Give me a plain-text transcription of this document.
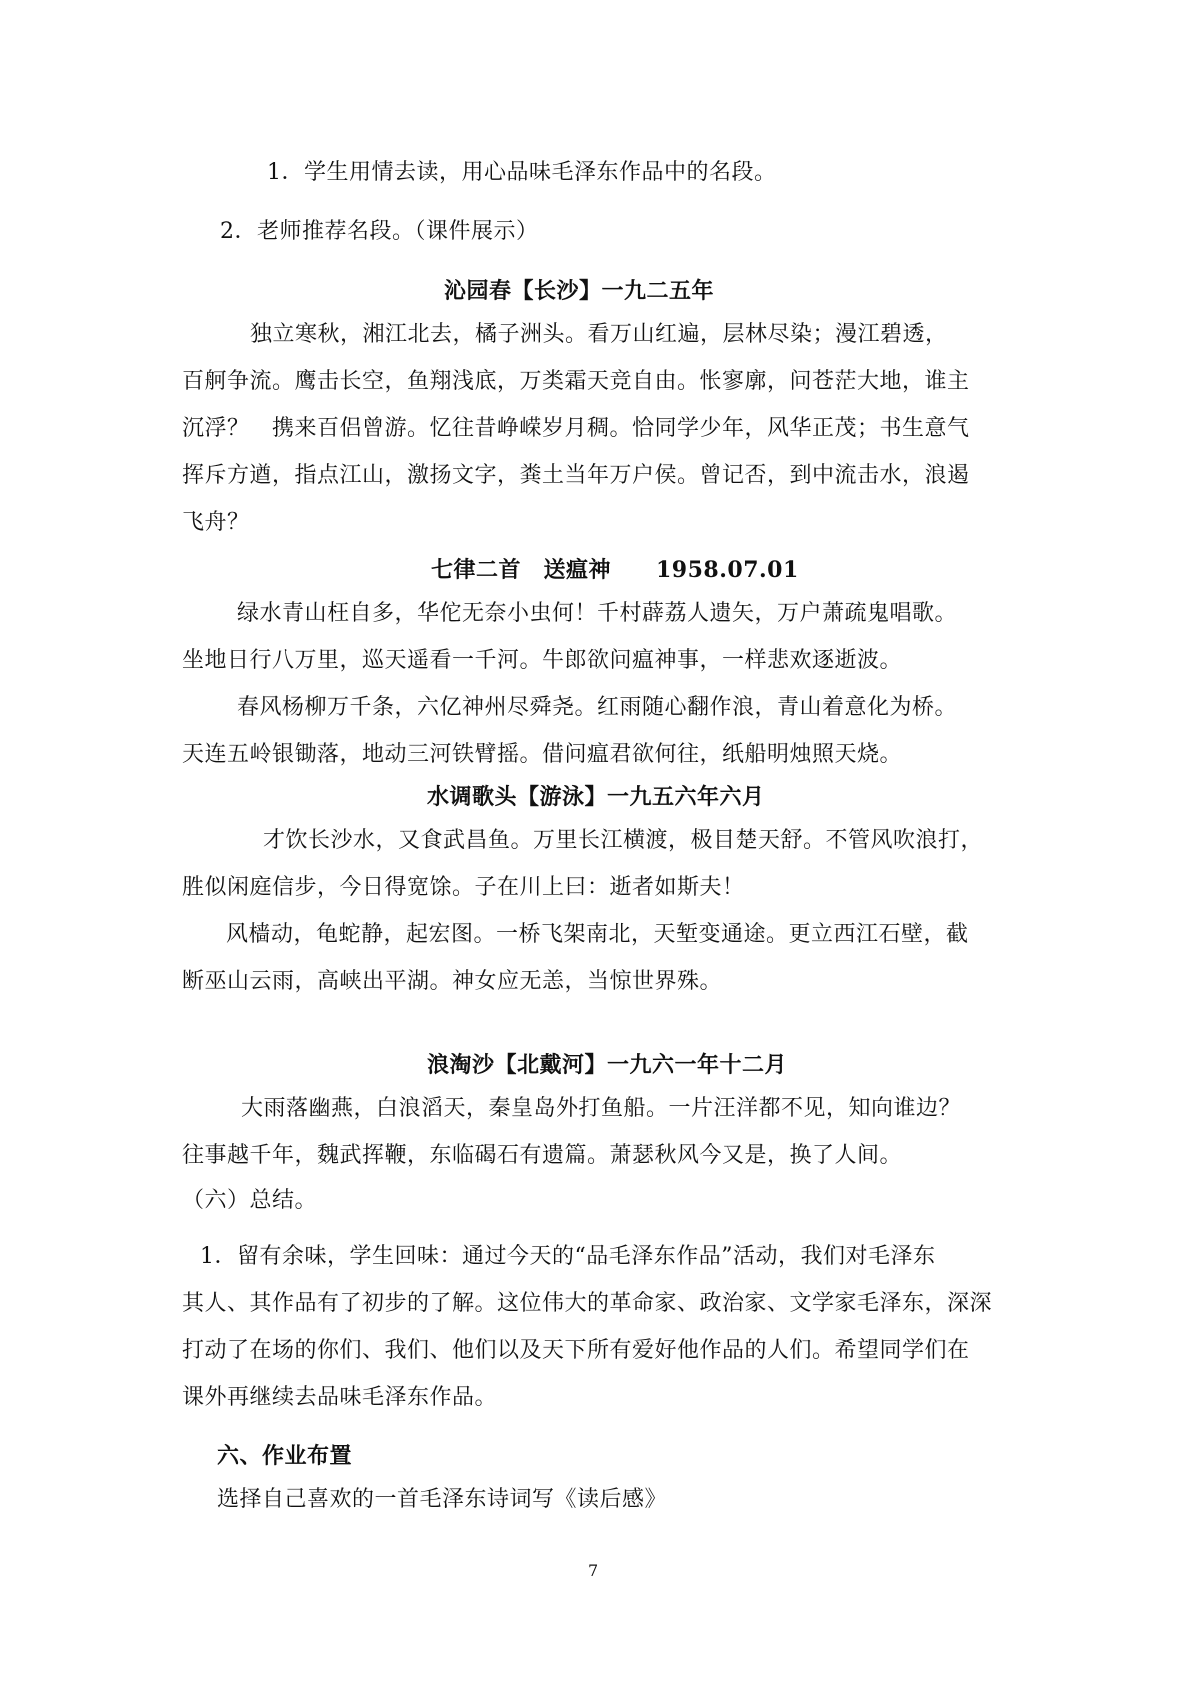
1．学生用情去读，用心品味毛泽东作品中的名段。
2．老师推荐名段。（课件展示）
沁园春【长沙】一九二五年
独立寒秋，湘江北去，橘子洲头。看万山红遍，层林尽染；漫江碧透，
百舸争流。鹰击长空，鱼翔浅底，万类霜天竞自由。怅寥廓，问苍茫大地，谁主
沉浮？　携来百侣曾游。忆往昔峥嵘岁月稠。恰同学少年，风华正茂；书生意气
挥斥方遒，指点江山，激扬文字，粪土当年万户侯。曾记否，到中流击水，浪遏
飞舟？
七律二首　送瘟神　　1958.07.01
绿水青山枉自多，华佗无奈小虫何！千村薜荔人遗矢，万户萧疏鬼唱歌。
坐地日行八万里，巡天遥看一千河。牛郎欲问瘟神事，一样悲欢逐逝波。
春风杨柳万千条，六亿神州尽舜尧。红雨随心翻作浪，青山着意化为桥。
天连五岭银锄落，地动三河铁臂摇。借问瘟君欲何往，纸船明烛照天烧。
水调歌头【游泳】一九五六年六月
才饮长沙水，又食武昌鱼。万里长江横渡，极目楚天舒。不管风吹浪打，
胜似闲庭信步，今日得宽馀。子在川上曰：逝者如斯夫！
风樯动，龟蛇静，起宏图。一桥飞架南北，天堑变通途。更立西江石壁，截
断巫山云雨，高峡出平湖。神女应无恙，当惊世界殊。
浪淘沙【北戴河】一九六一年十二月
大雨落幽燕，白浪滔天，秦皇岛外打鱼船。一片汪洋都不见，知向谁边？
往事越千年，魏武挥鞭，东临碣石有遗篇。萧瑟秋风今又是，换了人间。
（六）总结。
1．留有余味，学生回味：通过今天的“品毛泽东作品”活动，我们对毛泽东
其人、其作品有了初步的了解。这位伟大的革命家、政治家、文学家毛泽东，深深
打动了在场的你们、我们、他们以及天下所有爱好他作品的人们。希望同学们在
课外再继续去品味毛泽东作品。
六、作业布置
选择自己喜欢的一首毛泽东诗词写《读后感》
7
